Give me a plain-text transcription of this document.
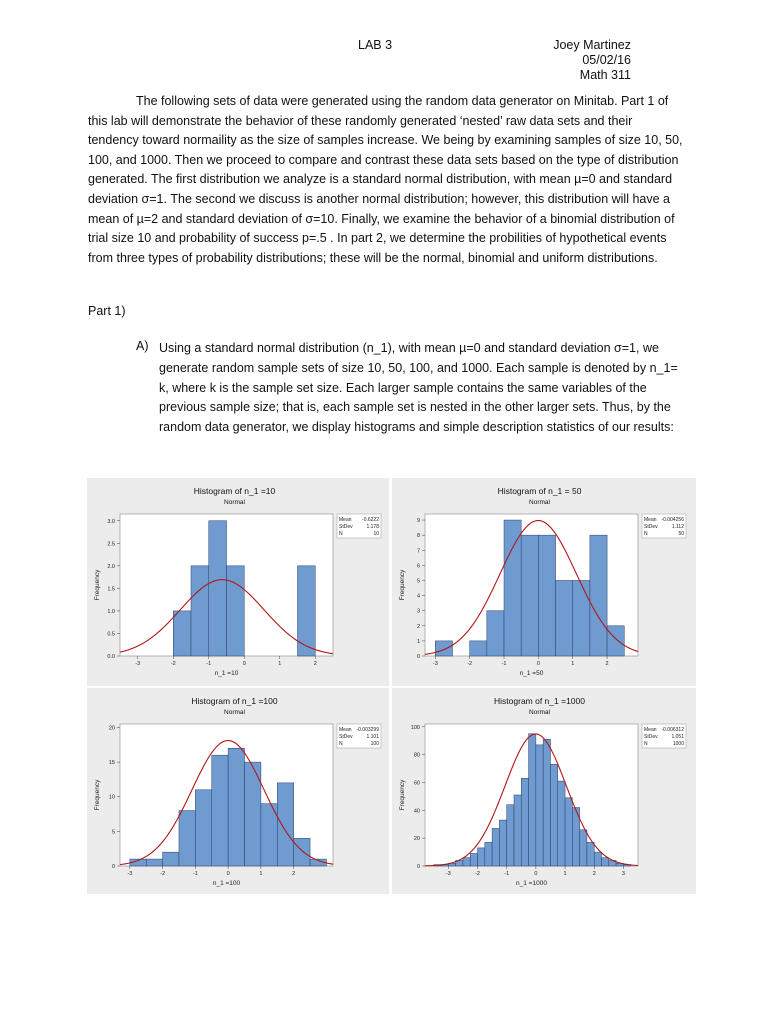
LAB 3	Joey Martinez
05/02/16
Math 311

The following sets of data were generated using the random data generator on Minitab. Part 1 of this lab will demonstrate the behavior of these randomly generated ‘nested’ raw data sets and their tendency toward normaility as the size of samples increase. We being by examining samples of size 10, 50, 100, and 1000. Then we proceed to compare and contrast these data sets based on the type of distribution generated. The first distribution we analyze is a standard normal distribution, with mean µ=0 and standard deviation σ=1. The second we discuss is another normal distribution; however, this distribution will have a mean of µ=2 and standard deviation of σ=10. Finally, we examine the behavior of a binomial distribution of trial size 10 and probability of success p=.5 . In part 2, we determine the probilities of hypothetical events from three types of probability distributions; these will be the normal, binomial and uniform distributions.

Part 1)
A) Using a standard normal distribution (n_1), with mean µ=0 and standard deviation σ=1, we generate random sample sets of size 10, 50, 100, and 1000. Each sample is denoted by n_1= k, where k is the sample set size. Each larger sample contains the same variables of the previous sample size; that is, each sample set is nested in the other larger sets. Thus, by the random data generator, we display histograms and simple description statistics of our results:

Histogram of n_1 =10
Normal
-3	-2	-1	0	1	2
0.0
0.5
1.0
1.5
2.0
2.5
3.0
n_1 =10
Frequency
Mean -0.6222
StDev	1.178
N	10
Histogram of n_1 = 50
Normal
-3	-2	-1	0	1	2
0
1
2
3
4
5
6
7
8
9
n_1 =50
Frequency
Mean -0.004256
StDev	1.112
N	50
Histogram of n_1 =100
Normal
-3	-2	-1	0	1	2
0
5
10
15
20
n_1 =100
Frequency
Mean -0.003299
StDev	1.101
N	100
Histogram of n_1 =1000
Normal
-3	-2	-1	0	1	2	3
0
20
40
60
80
100
n_1 =1000
Frequency
Mean -0.006312
StDev	1.051
N	1000
